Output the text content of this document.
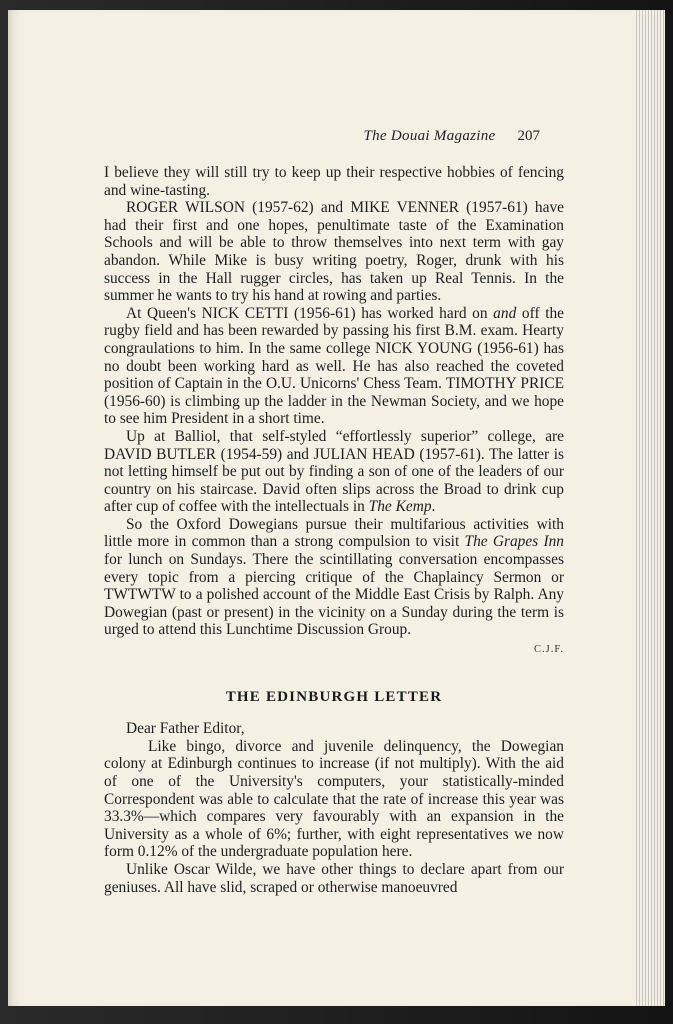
The Douai Magazine 207

I believe they will still try to keep up their respective hobbies of fencing and wine-tasting.

ROGER WILSON (1957-62) and MIKE VENNER (1957-61) have had their first and one hopes, penultimate taste of the Examination Schools and will be able to throw themselves into next term with gay abandon. While Mike is busy writing poetry, Roger, drunk with his success in the Hall rugger circles, has taken up Real Tennis. In the summer he wants to try his hand at rowing and parties.

At Queen's NICK CETTI (1956-61) has worked hard on and off the rugby field and has been rewarded by passing his first B.M. exam. Hearty congraulations to him. In the same college NICK YOUNG (1956-61) has no doubt been working hard as well. He has also reached the coveted position of Captain in the O.U. Unicorns' Chess Team. TIMOTHY PRICE (1956-60) is climbing up the ladder in the Newman Society, and we hope to see him President in a short time.

Up at Balliol, that self-styled “effortlessly superior” college, are DAVID BUTLER (1954-59) and JULIAN HEAD (1957-61). The latter is not letting himself be put out by finding a son of one of the leaders of our country on his staircase. David often slips across the Broad to drink cup after cup of coffee with the intellectuals in The Kemp.

So the Oxford Dowegians pursue their multifarious activities with little more in common than a strong compulsion to visit The Grapes Inn for lunch on Sundays. There the scintillating conversation encompasses every topic from a piercing critique of the Chaplaincy Sermon or TWTWTW to a polished account of the Middle East Crisis by Ralph. Any Dowegian (past or present) in the vicinity on a Sunday during the term is urged to attend this Lunchtime Discussion Group.

C.J.F.
THE EDINBURGH LETTER

Dear Father Editor,

Like bingo, divorce and juvenile delinquency, the Dowegian colony at Edinburgh continues to increase (if not multiply). With the aid of one of the University's computers, your statistically-minded Correspondent was able to calculate that the rate of increase this year was 33.3%—which compares very favourably with an expansion in the University as a whole of 6%; further, with eight representatives we now form 0.12% of the undergraduate population here.

Unlike Oscar Wilde, we have other things to declare apart from our geniuses. All have slid, scraped or otherwise manoeuvred
